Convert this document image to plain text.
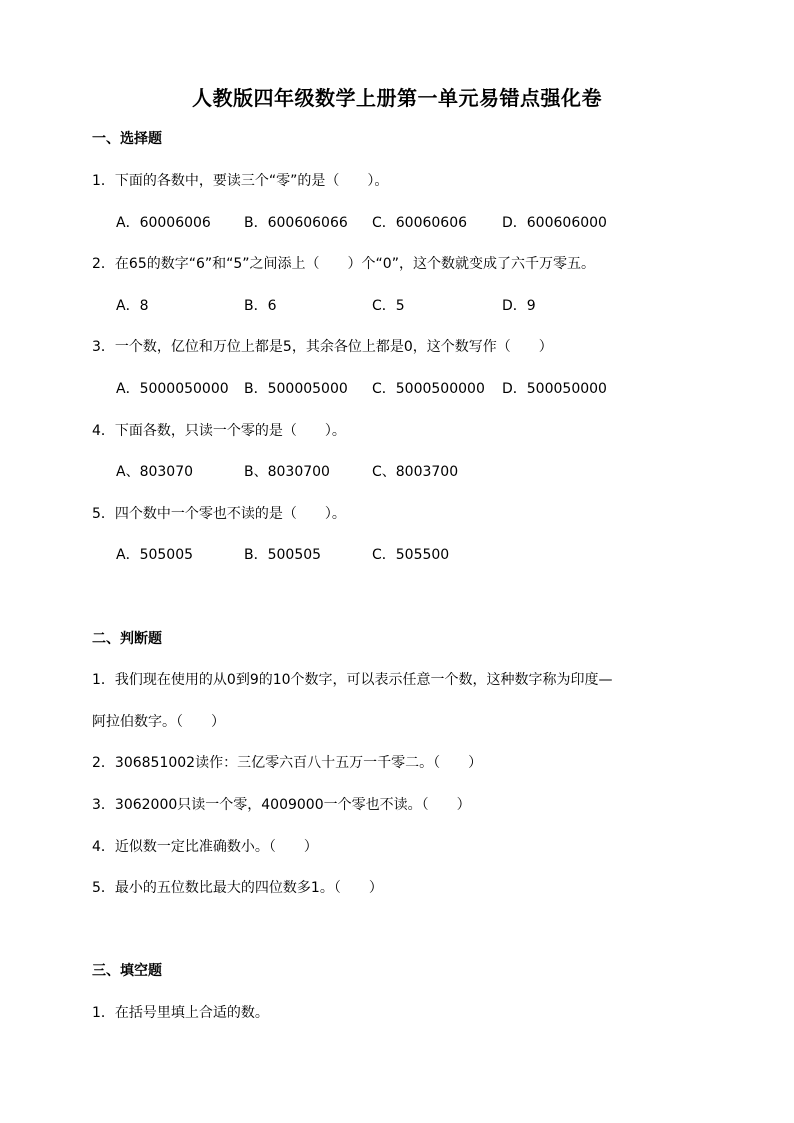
人教版四年级数学上册第一单元易错点强化卷
一、选择题
1．下面的各数中，要读三个“零”的是（　　）。
A．60006006 B．600606066 C．60060606 D．600606000
2．在65的数字“6”和“5”之间添上（　　）个“0”，这个数就变成了六千万零五。
A．8	B．6	C．5	D．9
3．一个数，亿位和万位上都是5，其余各位上都是0，这个数写作（　　）
A．5000050000 B．500005000 C．5000500000 D．500050000
4．下面各数，只读一个零的是（　　）。
A、803070	B、8030700	C、8003700
5．四个数中一个零也不读的是（　　）。
A．505005	B．500505	C．505500
二、判断题
1．我们现在使用的从0到9的10个数字，可以表示任意一个数，这种数字称为印度—
阿拉伯数字。（　　）
2．306851002读作：三亿零六百八十五万一千零二。（　　）
3．3062000只读一个零，4009000一个零也不读。（　　）
4．近似数一定比准确数小。（　　）
5．最小的五位数比最大的四位数多1。（　　）
三、填空题
1．在括号里填上合适的数。
